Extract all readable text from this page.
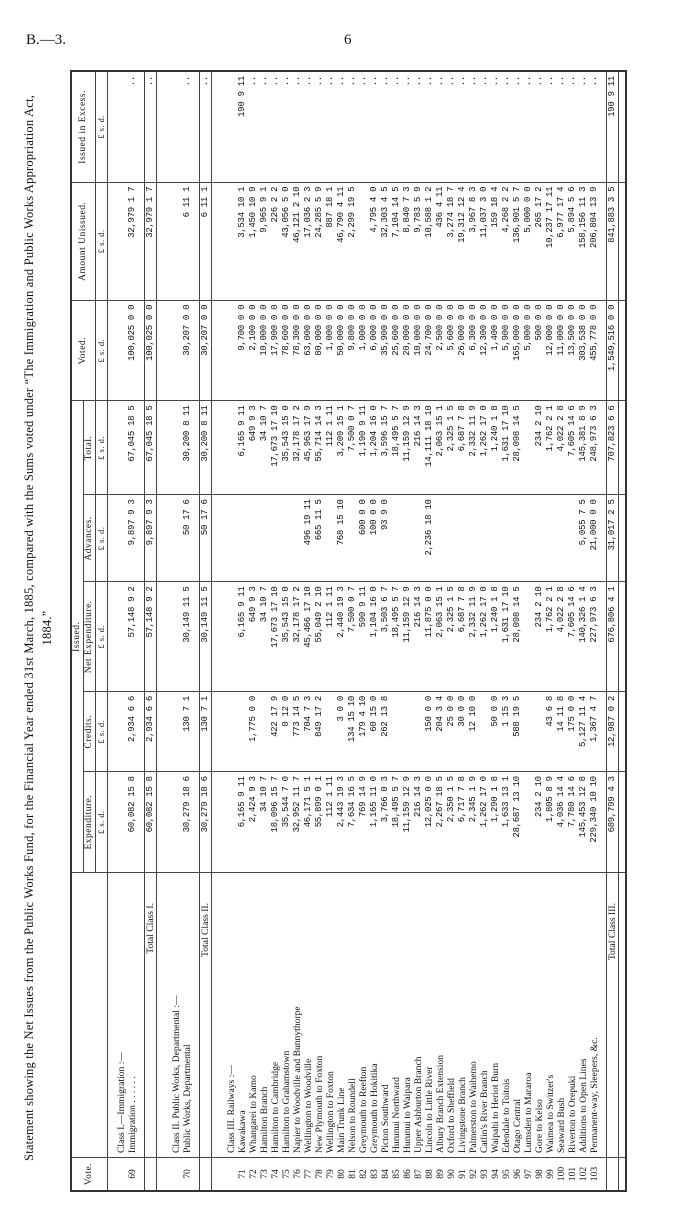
B.—3.	6
Statement showing the Net Issues from the Public Works Fund, for the Financial Year ended 31st March, 1885, compared with the Sums voted under “The Immigration and Public Works Appropriation Act, 1884.”
Vote.		Issued.					Voted.	Amount Unissued.	Issued in Excess.
		Expenditure.	Credits.	Net Expenditure.	Advances.	Total.			
		£ s. d.	£ s. d.	£ s. d.	£ s. d.	£ s. d.	£ s. d.	£ s. d.	£ s. d.
	Class I.—Immigration :—								
69	Immigration . . . . . .	60,082 15 8	2,934 6 6	57,148 9 2	9,897 9 3	67,045 18 5	100,025 0 0	32,979 1 7	..

	Total Class I.	60,082 15 8	2,934 6 6	57,148 9 2	9,897 9 3	67,045 18 5	100,025 0 0	32,979 1 7	..

	Class II. Public Works, Departmental :—								
70	Public Works, Departmental	30,279 18 6	130 7 1	30,149 11 5	50 17 6	30,200 8 11	30,207 0 0	6 11 1	..

	Total Class II.	30,279 18 6	130 7 1	30,149 11 5	50 17 6	30,200 8 11	30,207 0 0	6 11 1	..

	Class III. Railways :—								
71	Kawakawa	6,165 9 11		6,165 9 11		6,165 9 11	9,700 0 0	3,534 10 1	190 9 11
72	Whangarei to Kamo	2,424 9 3	1,775 0 0	649 9 3		649 9 3	2,100 0 0	1,450 10 9	..
73	Hamilton Branch	34 10 7		34 10 7		34 10 7	10,000 0 0	9,965 9 1	..
74	Hamilton to Cambridge	18,096 15 7	422 17 9	17,673 17 10		17,673 17 10	17,900 0 0	226 2 2	..
75	Hamilton to Grahamstown	35,544 7 0	0 12 0	35,543 15 0		35,543 15 0	78,600 0 0	43,056 5 0	..
76	Napier to Woodville and Bunnythorpe	32,952 11 7	773 14 5	32,178 17 2		32,178 17 2	78,300 0 0	46,121 2 10	..
77	Wellington to Woodville	46,171 5 1	704 7 3	45,466 17 10	496 19 11	45,963 17 9	63,000 0 0	17,036 2 3	..
78	New Plymouth to Foxton	55,899 0 1	849 17 2	55,049 2 10	665 11 5	55,714 14 3	80,000 0 0	24,285 5 9	..
79	Wellington to Foxton	112 1 11		112 1 11		112 1 11	1,000 0 0	887 18 1	..
80	Main Trunk Line	2,443 19 3	3 0 0	2,440 19 3	768 15 10	3,209 15 1	50,000 0 0	46,790 4 11	..
81	Nelson to Roundell	7,634 16 5	134 15 10	7,500 0 7		7,500 0 7	9,800 0 0	2,299 19 5	..
82	Greymouth to Reefton	769 14 9	179 4 10	590 9 11	600 0 0	1,190 9 11	1,000 0 0		..
83	Greymouth to Hokitika	1,165 11 0	60 15 0	1,104 16 0	100 0 0	1,204 16 0	6,000 0 0	4,795 4 0	..
84	Picton Southward	3,766 0 3	262 13 8	3,503 6 7	93 9 0	3,596 15 7	35,900 0 0	32,303 4 5	..
85	Hurunui Northward	18,495 5 7		18,495 5 7		18,495 5 7	25,600 0 0	7,104 14 5	..
86	Hurunui to Waipara	11,159 12 9		11,159 12 9		11,159 12 9	20,000 0 0	8,840 7 3	..
87	Upper Ashburton Branch	216 14 3		216 14 3		216 14 3	10,000 0 0	9,783 5 9	..
88	Lincoln to Little River	12,025 0 0	150 0 0	11,875 0 0	2,236 18 10	14,111 18 10	24,700 0 0	10,588 1 2	..
89	Albury Branch Extension	2,267 18 5	204 3 4	2,063 15 1		2,063 15 1	2,500 0 0	436 4 11	..
90	Oxford to Sheffield	2,350 1 5	25 0 0	2,325 1 5		2,325 1 5	5,600 0 0	3,274 18 7	..
91	Livingstone Branch	6,717 7 8	30 0 0	6,687 7 8		6,687 7 8	26,000 0 0	19,312 12 4	..
92	Palmerston to Waihemo	2,345 1 9	12 10 0	2,332 11 9		2,332 11 9	6,300 0 0	3,967 8 3	..
93	Catlin's River Branch	1,262 17 0		1,262 17 0		1,262 17 0	12,300 0 0	11,037 3 0	..
94	Waipahi to Heriot Burn	1,290 1 8	50 0 0	1,240 1 8		1,240 1 8	1,400 0 0	159 18 4	..
95	Edendale to Toitois	1,633 13 1	1 15 3	1,631 17 10		1,631 17 10	5,900 0 0	4,268 2 2	..
96	Otago Central	28,687 13 10	588 19 5	28,098 14 5		28,098 14 5	165,000 0 0	136,901 5 7	..
97	Lumsden to Mararoa						5,000 0 0	5,000 0 0	..
98	Gore to Kelso	234 2 10		234 2 10		234 2 10	500 0 0	265 17 2	..
99	Waimea to Switzer's	1,805 8 9	43 6 8	1,762 2 1		1,762 2 1	12,000 0 0	10,237 17 11	..
100	Seaward Bush	4,036 14 4	14 11 8	4,022 2 8		4,022 2 8	11,000 0 0	6,977 17 4	..
101	Riverton to Orepuki	7,780 14 6	175 0 0	7,605 14 6		7,605 14 6	13,500 0 0	5,894 5 6	..
102	Additions to Open Lines	145,453 12 8	5,127 11 4	140,326 1 4	5,055 7 5	145,381 8 9	303,538 0 0	158,156 11 3	..
103	Permanent-way, Sleepers, &c.	229,340 10 10	1,367 4 7	227,973 6 3	21,000 0 0	248,973 6 3	455,778 0 0	206,804 13 9	..

	Total Class III.	689,799 4 3	12,987 0 2	676,806 4 1	31,017 2 5	707,823 6 6	1,549,516 0 0	841,883 3 5	190 9 11
